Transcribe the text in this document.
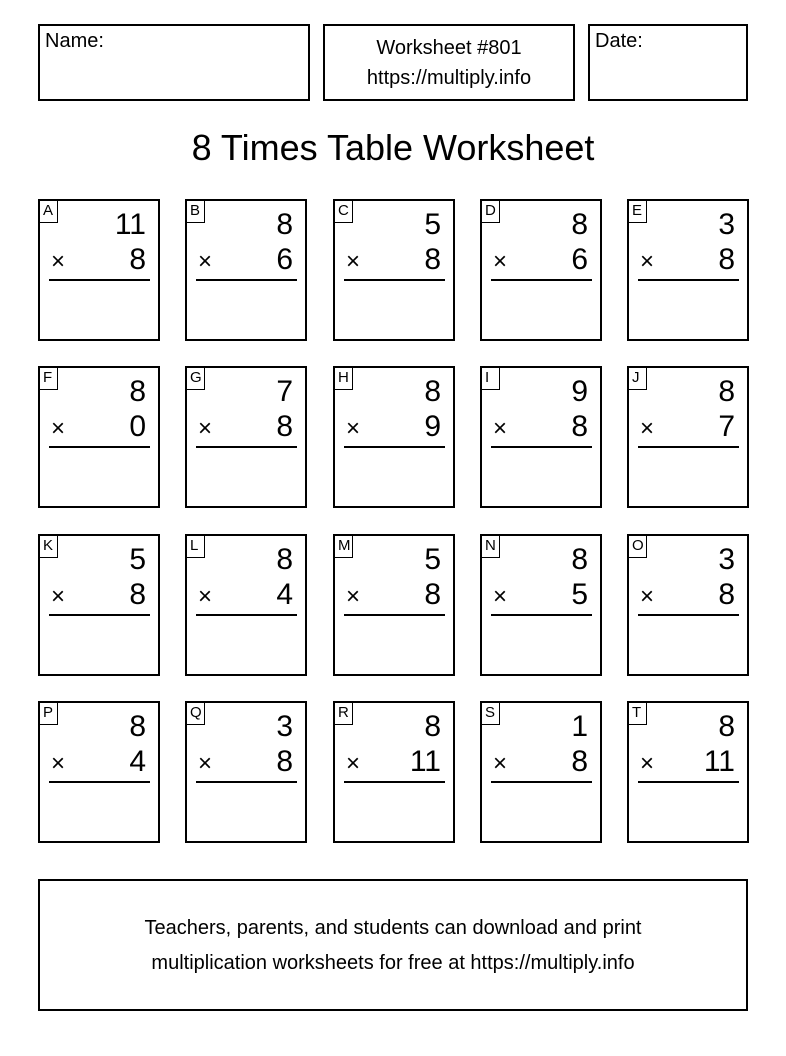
Name:	Worksheet #801
https://multiply.info
Date:
8 Times Table Worksheet
A 11
× 8
B	8
× 6
C	5
× 8
D	8
× 6
E	3
× 8
F	8
× 0
G 7
× 8
H	8
× 9
I	9
× 8
J	8
× 7
K	5
× 8
L	8
× 4
M 5
× 8
N	8
× 5
O 3
× 8
P	8
× 4
Q 3
× 8
R	8
× 11
S	1
× 8
T	8
× 11
Teachers, parents, and students can download and print
multiplication worksheets for free at https://multiply.info
